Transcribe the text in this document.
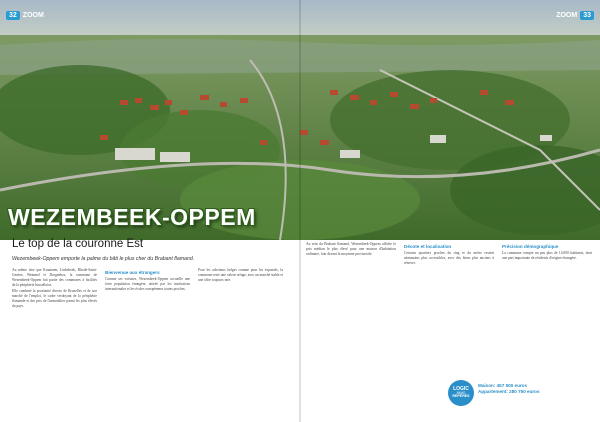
32 ZOOM	ZOOM 33
WEZEMBEEK-OPPEM
Le top de la couronne Est
Wezembeek-Oppem emporte la palme du bâti le plus cher du Brabant flamand.

Au même titre que Kraainem, Linkebeek, Rhode-Saint-Genèse, Wemmel et Drogenbos, la commune de Wezembeek-Oppem fait partie des communes à facilités de la périphérie bruxelloise.

Elle combine la proximité directe de Bruxelles et de son marché de l'emploi, le cadre verdoyant de la périphérie flamande et des prix de l'immobilier parmi les plus élevés du pays.

Bienvenue aux étrangers

Comme ses voisines, Wezembeek-Oppem accueille une forte population étrangère, attirée par les institutions internationales et les écoles européennes toutes proches.

Pour les acheteurs belges comme pour les expatriés, la commune reste une valeur refuge, avec un marché stable et une offre toujours rare.

Au sein du Brabant flamand, Wezembeek-Oppem affiche le prix médian le plus élevé pour une maison d'habitation ordinaire, loin devant la moyenne provinciale.

Décote et localisation

Certains quartiers proches du ring et du métro restent néanmoins plus accessibles, avec des biens plus anciens à rénover.

Précision démographique

La commune compte un peu plus de 14.000 habitants, dont une part importante de résidents d'origine étrangère.

LOGIC
IMMO
REPÈRES
Maison: 457 500 euros
Appartement: 280 750 euros
